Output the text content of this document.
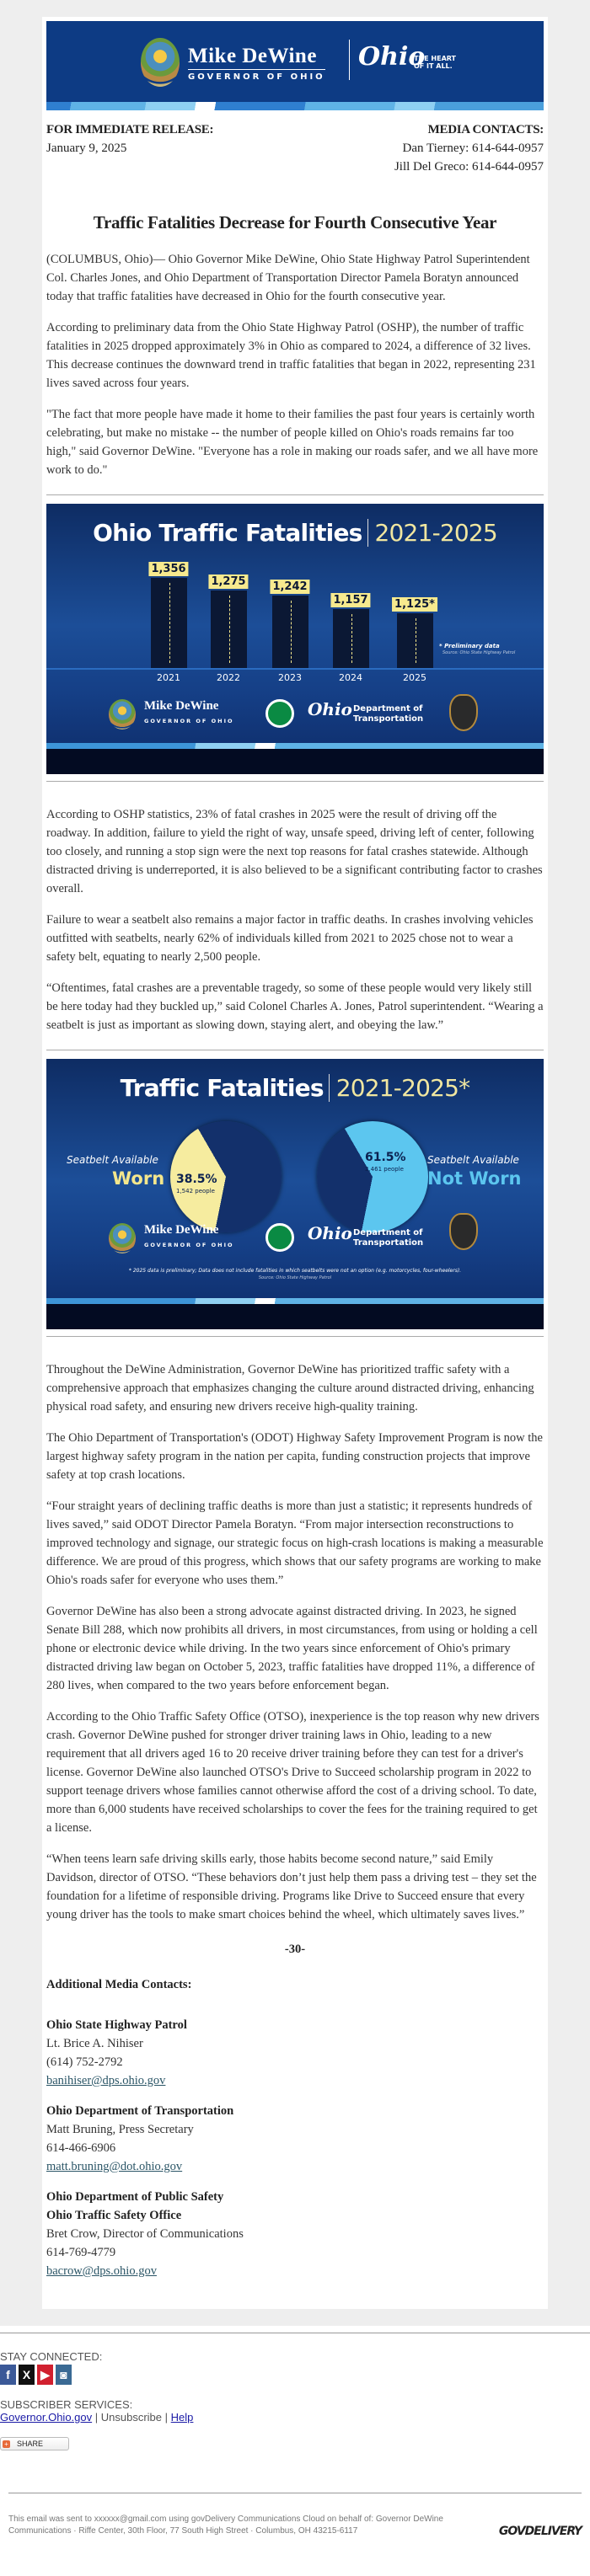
Mike DeWine
GOVERNOR OF OHIO
Ohio
THE HEART
OF IT ALL.
FOR IMMEDIATE RELEASE:
January 9, 2025
MEDIA CONTACTS:
Dan Tierney: 614-644-0957
Jill Del Greco: 614-644-0957
Traffic Fatalities Decrease for Fourth Consecutive Year

(COLUMBUS, Ohio)— Ohio Governor Mike DeWine, Ohio State Highway Patrol Superintendent Col. Charles Jones, and Ohio Department of Transportation Director Pamela Boratyn announced today that traffic fatalities have decreased in Ohio for the fourth consecutive year.

According to preliminary data from the Ohio State Highway Patrol (OSHP), the number of traffic fatalities in 2025 dropped approximately 3% in Ohio as compared to 2024, a difference of 32 lives. This decrease continues the downward trend in traffic fatalities that began in 2022, representing 231 lives saved across four years.

"The fact that more people have made it home to their families the past four years is certainly worth celebrating, but make no mistake -- the number of people killed on Ohio's roads remains far too high," said Governor DeWine. "Everyone has a role in making our roads safer, and we all have more work to do."

Ohio Traffic Fatalities 2021-2025
* Preliminary data
Source: Ohio State Highway Patrol
Mike DeWine
GOVERNOR OF OHIO
Ohio Department of
Transportation
1,356
2021
1,275
2022
1,242
2023
1,157
2024
1,125*
2025

According to OSHP statistics, 23% of fatal crashes in 2025 were the result of driving off the roadway. In addition, failure to yield the right of way, unsafe speed, driving left of center, following too closely, and running a stop sign were the next top reasons for fatal crashes statewide. Although distracted driving is underreported, it is also believed to be a significant contributing factor to crashes overall.

Failure to wear a seatbelt also remains a major factor in traffic deaths. In crashes involving vehicles outfitted with seatbelts, nearly 62% of individuals killed from 2021 to 2025 chose not to wear a safety belt, equating to nearly 2,500 people.

“Oftentimes, fatal crashes are a preventable tragedy, so some of these people would very likely still be here today had they buckled up,” said Colonel Charles A. Jones, Patrol superintendent. “Wearing a seatbelt is just as important as slowing down, staying alert, and obeying the law.”

Traffic Fatalities 2021-2025*
Seatbelt Available
Worn 38.5%
1,542 people
61.5%
2,461 people
Seatbelt Available
Not Worn
Mike DeWine
GOVERNOR OF OHIO
Ohio Department of
Transportation
* 2025 data is preliminary; Data does not include fatalities in which seatbelts were not an option (e.g. motorcycles, four-wheelers).
Source: Ohio State Highway Patrol

Throughout the DeWine Administration, Governor DeWine has prioritized traffic safety with a comprehensive approach that emphasizes changing the culture around distracted driving, enhancing physical road safety, and ensuring new drivers receive high-quality training.

The Ohio Department of Transportation's (ODOT) Highway Safety Improvement Program is now the largest highway safety program in the nation per capita, funding construction projects that improve safety at top crash locations.

“Four straight years of declining traffic deaths is more than just a statistic; it represents hundreds of lives saved,” said ODOT Director Pamela Boratyn. “From major intersection reconstructions to improved technology and signage, our strategic focus on high-crash locations is making a measurable difference. We are proud of this progress, which shows that our safety programs are working to make Ohio's roads safer for everyone who uses them.”

Governor DeWine has also been a strong advocate against distracted driving. In 2023, he signed Senate Bill 288, which now prohibits all drivers, in most circumstances, from using or holding a cell phone or electronic device while driving. In the two years since enforcement of Ohio's primary distracted driving law began on October 5, 2023, traffic fatalities have dropped 11%, a difference of 280 lives, when compared to the two years before enforcement began.

According to the Ohio Traffic Safety Office (OTSO), inexperience is the top reason why new drivers crash. Governor DeWine pushed for stronger driver training laws in Ohio, leading to a new requirement that all drivers aged 16 to 20 receive driver training before they can test for a driver's license. Governor DeWine also launched OTSO's Drive to Succeed scholarship program in 2022 to support teenage drivers whose families cannot otherwise afford the cost of a driving school. To date, more than 6,000 students have received scholarships to cover the fees for the training required to get a license.

“When teens learn safe driving skills early, those habits become second nature,” said Emily Davidson, director of OTSO. “These behaviors don’t just help them pass a driving test – they set the foundation for a lifetime of responsible driving. Programs like Drive to Succeed ensure that every young driver has the tools to make smart choices behind the wheel, which ultimately saves lives.”

-30-

Additional Media Contacts:

Ohio State Highway Patrol

Lt. Brice A. Nihiser

(614) 752-2792

banihiser@dps.ohio.gov

Ohio Department of Transportation

Matt Bruning, Press Secretary

614-466-6906

matt.bruning@dot.ohio.gov

Ohio Department of Public Safety

Ohio Traffic Safety Office

Bret Crow, Director of Communications

614-769-4779

bacrow@dps.ohio.gov

STAY CONNECTED:
f	X ▶ ◙
SUBSCRIBER SERVICES:
Governor.Ohio.gov | Unsubscribe | Help
+ SHARE
This email was sent to xxxxxx@gmail.com using govDelivery Communications Cloud on behalf of: Governor DeWine
Communications · Riffe Center, 30th Floor, 77 South High Street · Columbus, OH 43215-6117	GOVDELIVERY
